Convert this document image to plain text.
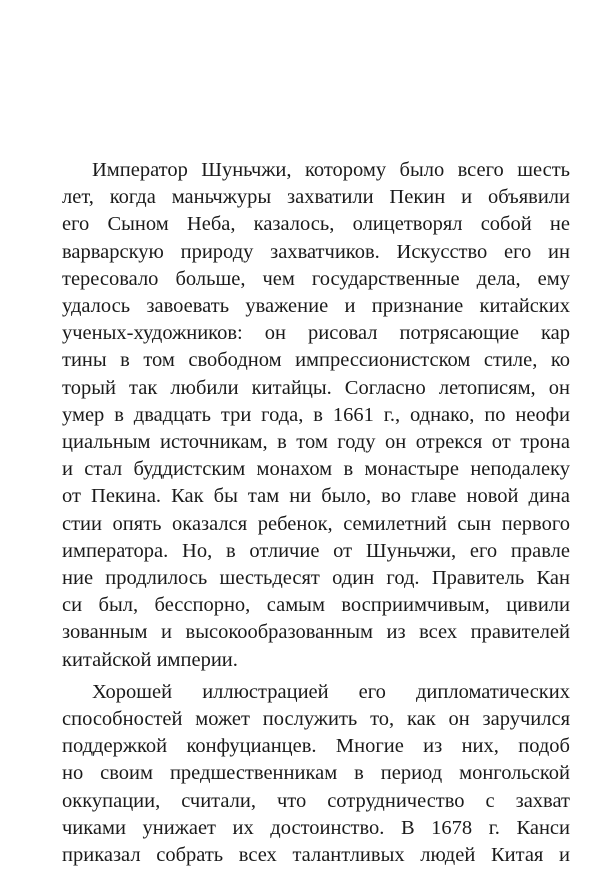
Император Шуньчжи, которому было всего шесть
лет, когда маньчжуры захватили Пекин и объявили
его Сыном Неба, казалось, олицетворял собой не
варварскую природу захватчиков. Искусство его ин
тересовало больше, чем государственные дела, ему
удалось завоевать уважение и признание китайских
ученых-художников: он рисовал потрясающие кар
тины в том свободном импрессионистском стиле, ко
торый так любили китайцы. Согласно летописям, он
умер в двадцать три года, в 1661 г., однако, по неофи
циальным источникам, в том году он отрекся от трона
и стал буддистским монахом в монастыре неподалеку
от Пекина. Как бы там ни было, во главе новой дина
стии опять оказался ребенок, семилетний сын первого
императора. Но, в отличие от Шуньчжи, его правле
ние продлилось шестьдесят один год. Правитель Кан
си был, бесспорно, самым восприимчивым, цивили
зованным и высокообразованным из всех правителей
китайской империи.

Хорошей иллюстрацией его дипломатических
способностей может послужить то, как он заручился
поддержкой конфуцианцев. Многие из них, подоб
но своим предшественникам в период монгольской
оккупации, считали, что сотрудничество с захват
чиками унижает их достоинство. В 1678 г. Канси
приказал собрать всех талантливых людей Китая и
